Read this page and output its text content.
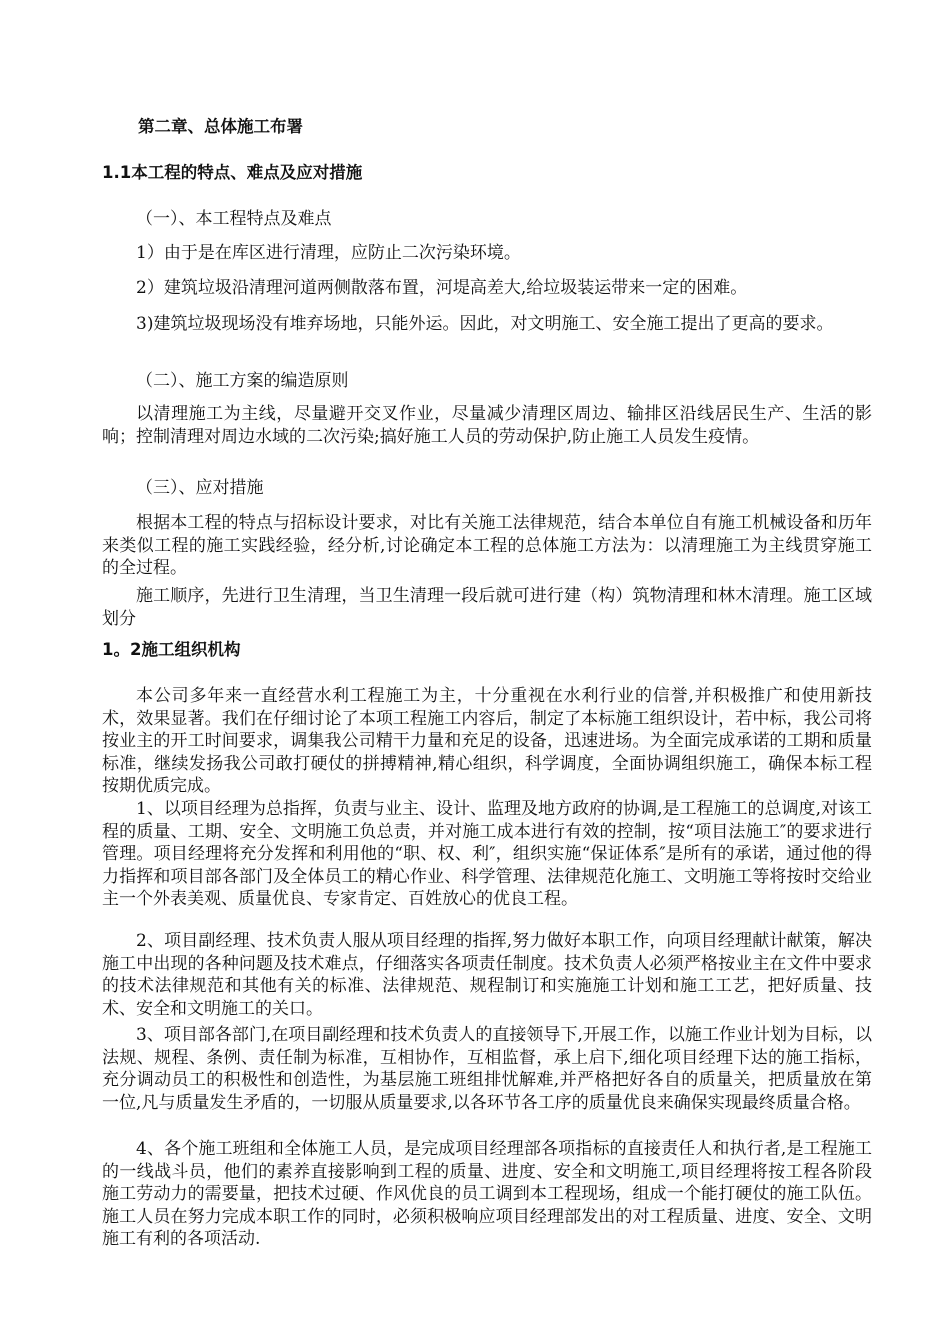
第二章、总体施工布署

1.1本工程的特点、难点及应对措施

（一）、本工程特点及难点

1）由于是在库区进行清理，应防止二次污染环境。

2）建筑垃圾沿清理河道两侧散落布置，河堤高差大,给垃圾装运带来一定的困难。

3)建筑垃圾现场没有堆弃场地，只能外运。因此，对文明施工、安全施工提出了更高的要求。

（二）、施工方案的编造原则

以清理施工为主线，尽量避开交叉作业，尽量减少清理区周边、输排区沿线居民生产、生活的影响；控制清理对周边水域的二次污染;搞好施工人员的劳动保护,防止施工人员发生疫情。

（三）、应对措施

根据本工程的特点与招标设计要求，对比有关施工法律规范，结合本单位自有施工机械设备和历年来类似工程的施工实践经验，经分析,讨论确定本工程的总体施工方法为：以清理施工为主线贯穿施工的全过程。

施工顺序，先进行卫生清理，当卫生清理一段后就可进行建（构）筑物清理和林木清理。施工区域划分

1。2施工组织机构

本公司多年来一直经营水利工程施工为主，十分重视在水利行业的信誉,并积极推广和使用新技术，效果显著。我们在仔细讨论了本项工程施工内容后，制定了本标施工组织设计，若中标，我公司将按业主的开工时间要求，调集我公司精干力量和充足的设备，迅速进场。为全面完成承诺的工期和质量标准，继续发扬我公司敢打硬仗的拼搏精神,精心组织，科学调度，全面协调组织施工，确保本标工程按期优质完成。

1、以项目经理为总指挥，负责与业主、设计、监理及地方政府的协调,是工程施工的总调度,对该工程的质量、工期、安全、文明施工负总责，并对施工成本进行有效的控制，按“项目法施工″的要求进行管理。项目经理将充分发挥和利用他的“职、权、利″，组织实施“保证体系″是所有的承诺，通过他的得力指挥和项目部各部门及全体员工的精心作业、科学管理、法律规范化施工、文明施工等将按时交给业主一个外表美观、质量优良、专家肯定、百姓放心的优良工程。

2、项目副经理、技术负责人服从项目经理的指挥,努力做好本职工作，向项目经理献计献策，解决施工中出现的各种问题及技术难点，仔细落实各项责任制度。技术负责人必须严格按业主在文件中要求的技术法律规范和其他有关的标准、法律规范、规程制订和实施施工计划和施工工艺，把好质量、技术、安全和文明施工的关口。

3、项目部各部门,在项目副经理和技术负责人的直接领导下,开展工作，以施工作业计划为目标，以法规、规程、条例、责任制为标准，互相协作，互相监督，承上启下,细化项目经理下达的施工指标，充分调动员工的积极性和创造性，为基层施工班组排忧解难,并严格把好各自的质量关，把质量放在第一位,凡与质量发生矛盾的，一切服从质量要求,以各环节各工序的质量优良来确保实现最终质量合格。

4、各个施工班组和全体施工人员，是完成项目经理部各项指标的直接责任人和执行者,是工程施工的一线战斗员，他们的素养直接影响到工程的质量、进度、安全和文明施工,项目经理将按工程各阶段施工劳动力的需要量，把技术过硬、作风优良的员工调到本工程现场，组成一个能打硬仗的施工队伍。施工人员在努力完成本职工作的同时，必须积极响应项目经理部发出的对工程质量、进度、安全、文明施工有利的各项活动.
